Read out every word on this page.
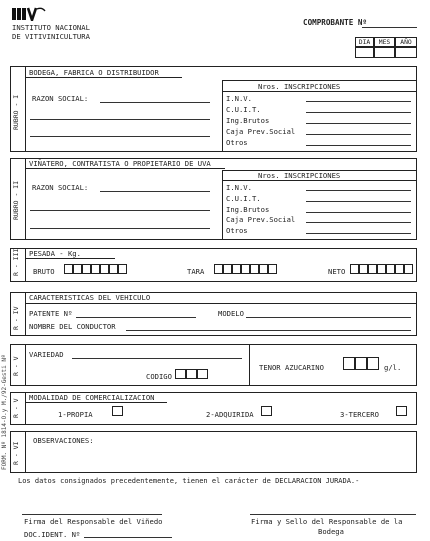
INSTITUTO NACIONAL
DE VITIVINICULTURA
COMPROBANTE Nº
DIA	MES	AÑO
RUBRO - I
BODEGA, FABRICA O DISTRIBUIDOR
RAZON SOCIAL:
Nros. INSCRIPCIONES
I.N.V.
C.U.I.T.
Ing.Brutos
Caja Prev.Social
Otros
RUBRO - II
VIÑATERO, CONTRATISTA O PROPIETARIO DE UVA
RAZON SOCIAL:
Nros. INSCRIPCIONES
I.N.V.
C.U.I.T.
Ing.Brutos
Caja Prev.Social
Otros
R - III PESADA - Kg.
BRUTO	TARA	NETO
R - IV
CARACTERISTICAS DEL VEHICULO
PATENTE Nº	MODELO
NOMBRE DEL CONDUCTOR
R - V
VARIEDAD
CODIGO
TENOR AZUCARINO	g/l.
R - V
MODALIDAD DE COMERCIALIZACION
1-PROPIA	2-ADQUIRIDA	3-TERCERO
R - VI
OBSERVACIONES:
FORM. Nº 1814-O.y M./92-Gesti Nº
Los datos consignados precedentemente, tienen el carácter de DECLARACION JURADA.-
Firma del Responsable del Viñedo
DOC.IDENT. Nº
Firma y Sello del Responsable de la
Bodega
